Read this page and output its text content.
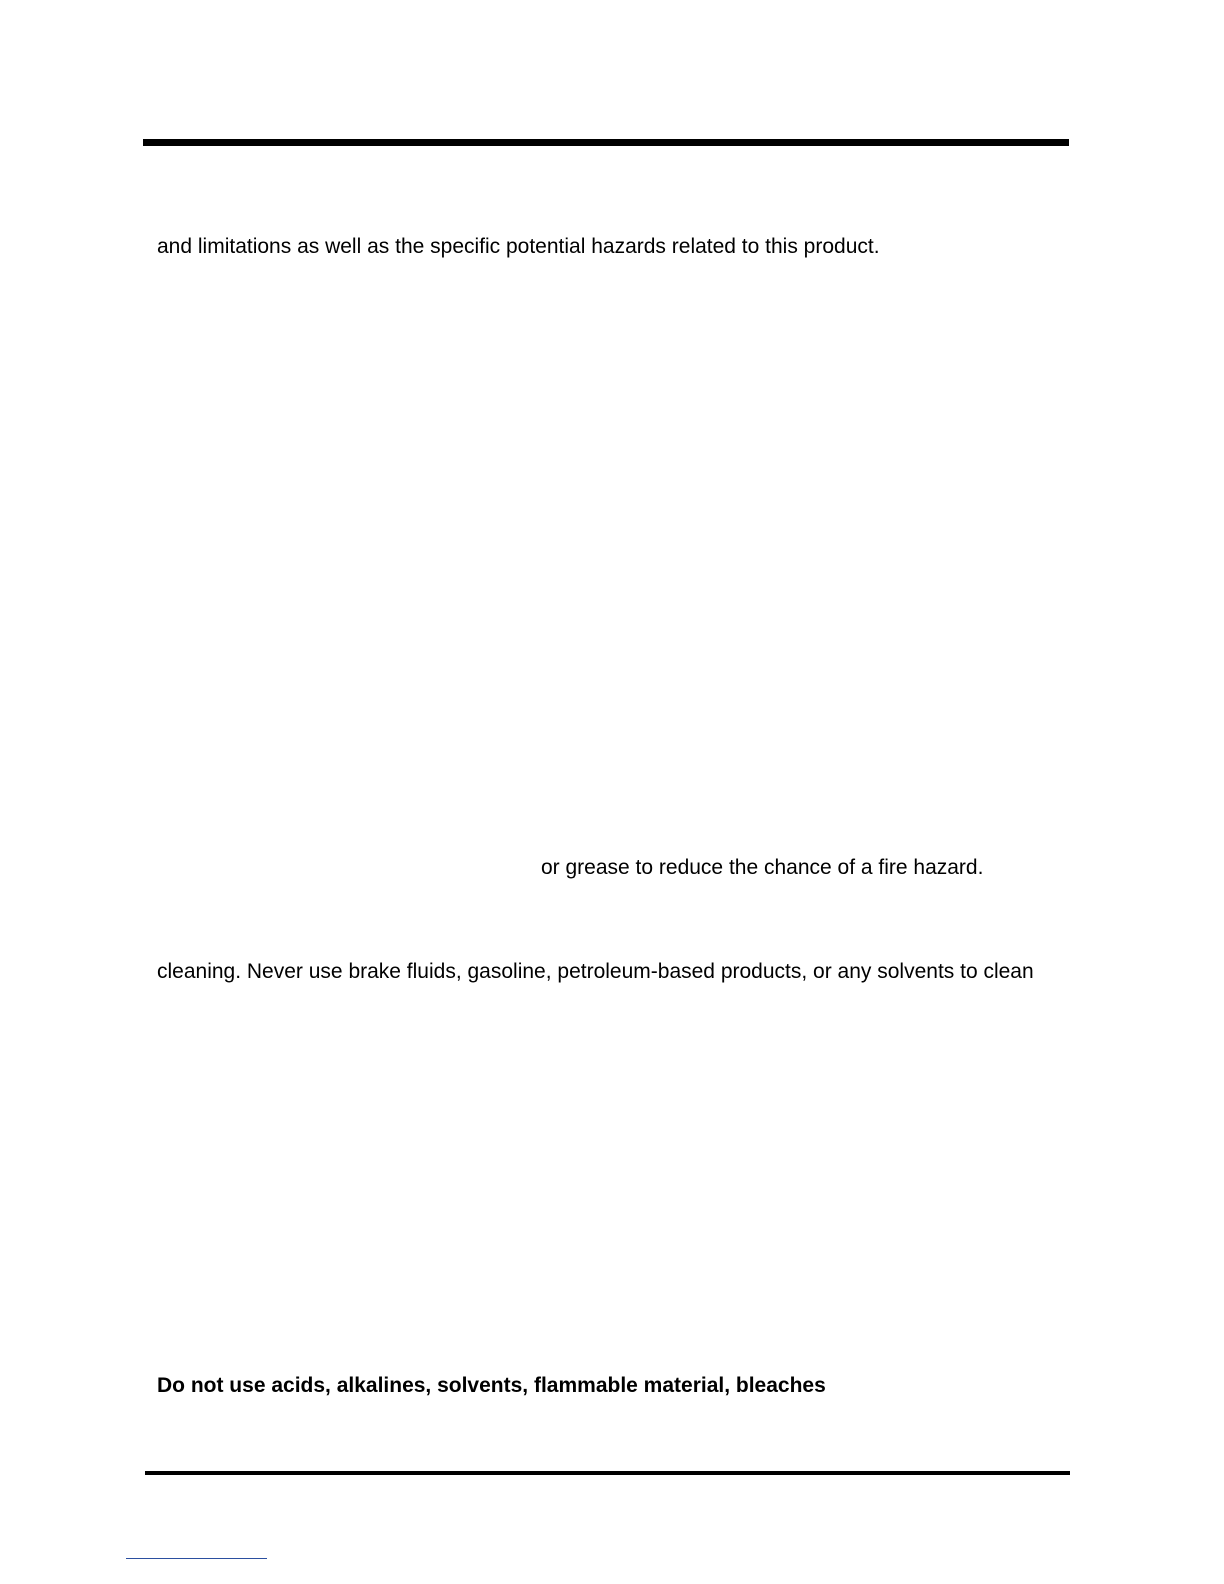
and limitations as well as the specific potential hazards related to this product.
or grease to reduce the chance of a fire hazard.
cleaning. Never use brake fluids, gasoline, petroleum-based products, or any solvents to clean
Do not use acids, alkalines, solvents, flammable material, bleaches
